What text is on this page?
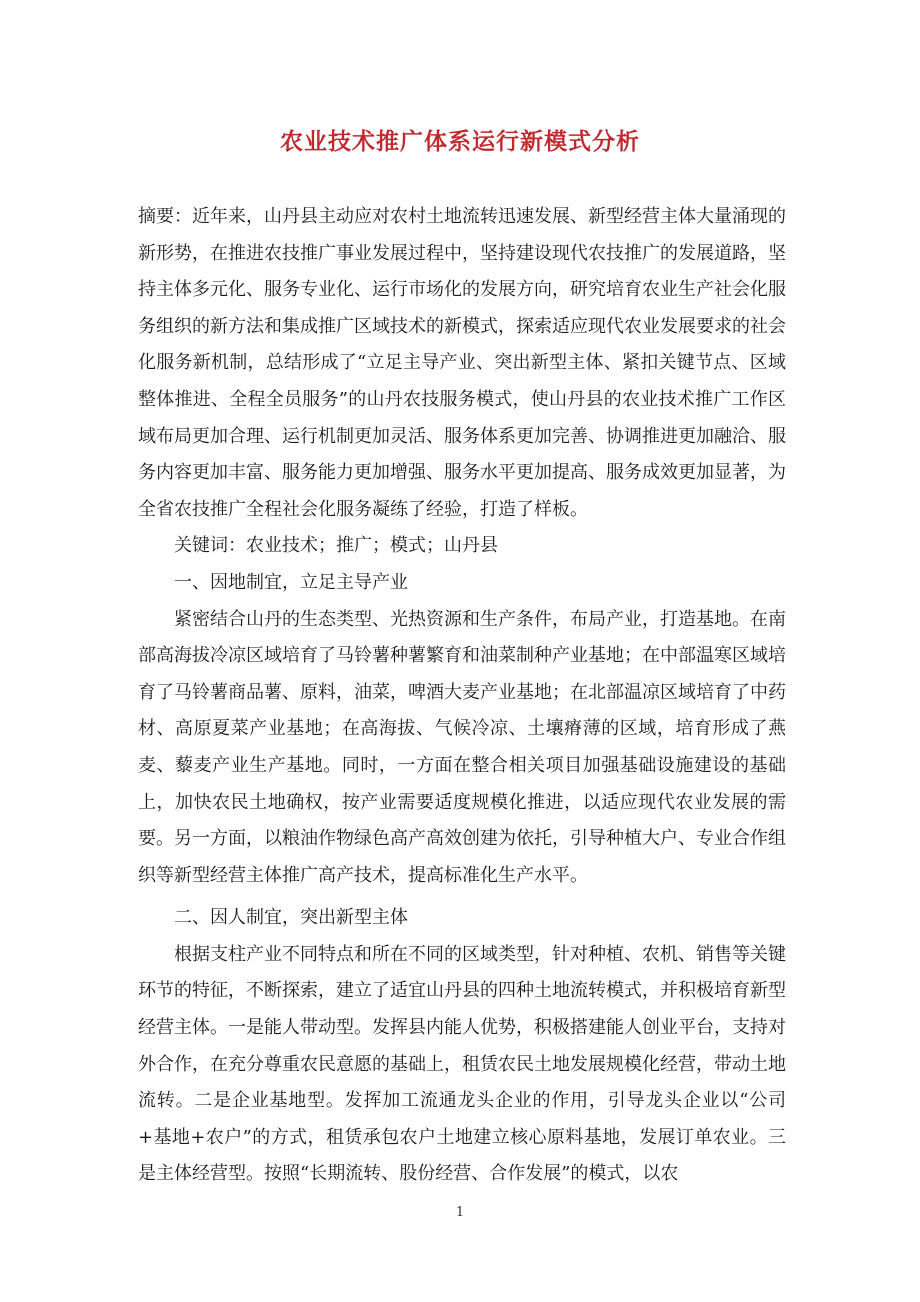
农业技术推广体系运行新模式分析

摘要：近年来，山丹县主动应对农村土地流转迅速发展、新型经营主体大量涌现的新形势，在推进农技推广事业发展过程中，坚持建设现代农技推广的发展道路，坚持主体多元化、服务专业化、运行市场化的发展方向，研究培育农业生产社会化服务组织的新方法和集成推广区域技术的新模式，探索适应现代农业发展要求的社会化服务新机制，总结形成了“立足主导产业、突出新型主体、紧扣关键节点、区域整体推进、全程全员服务”的山丹农技服务模式，使山丹县的农业技术推广工作区域布局更加合理、运行机制更加灵活、服务体系更加完善、协调推进更加融洽、服务内容更加丰富、服务能力更加增强、服务水平更加提高、服务成效更加显著，为全省农技推广全程社会化服务凝练了经验，打造了样板。

关键词：农业技术；推广；模式；山丹县

一、因地制宜，立足主导产业

紧密结合山丹的生态类型、光热资源和生产条件，布局产业，打造基地。在南部高海拔冷凉区域培育了马铃薯种薯繁育和油菜制种产业基地；在中部温寒区域培育了马铃薯商品薯、原料，油菜，啤酒大麦产业基地；在北部温凉区域培育了中药材、高原夏菜产业基地；在高海拔、气候冷凉、土壤瘠薄的区域，培育形成了燕麦、藜麦产业生产基地。同时，一方面在整合相关项目加强基础设施建设的基础上，加快农民土地确权，按产业需要适度规模化推进，以适应现代农业发展的需要。另一方面，以粮油作物绿色高产高效创建为依托，引导种植大户、专业合作组织等新型经营主体推广高产技术，提高标准化生产水平。

二、因人制宜，突出新型主体

根据支柱产业不同特点和所在不同的区域类型，针对种植、农机、销售等关键环节的特征，不断探索，建立了适宜山丹县的四种土地流转模式，并积极培育新型经营主体。一是能人带动型。发挥县内能人优势，积极搭建能人创业平台，支持对外合作，在充分尊重农民意愿的基础上，租赁农民土地发展规模化经营，带动土地流转。二是企业基地型。发挥加工流通龙头企业的作用，引导龙头企业以“公司+基地+农户”的方式，租赁承包农户土地建立核心原料基地，发展订单农业。三是主体经营型。按照“长期流转、股份经营、合作发展”的模式，以农

1
